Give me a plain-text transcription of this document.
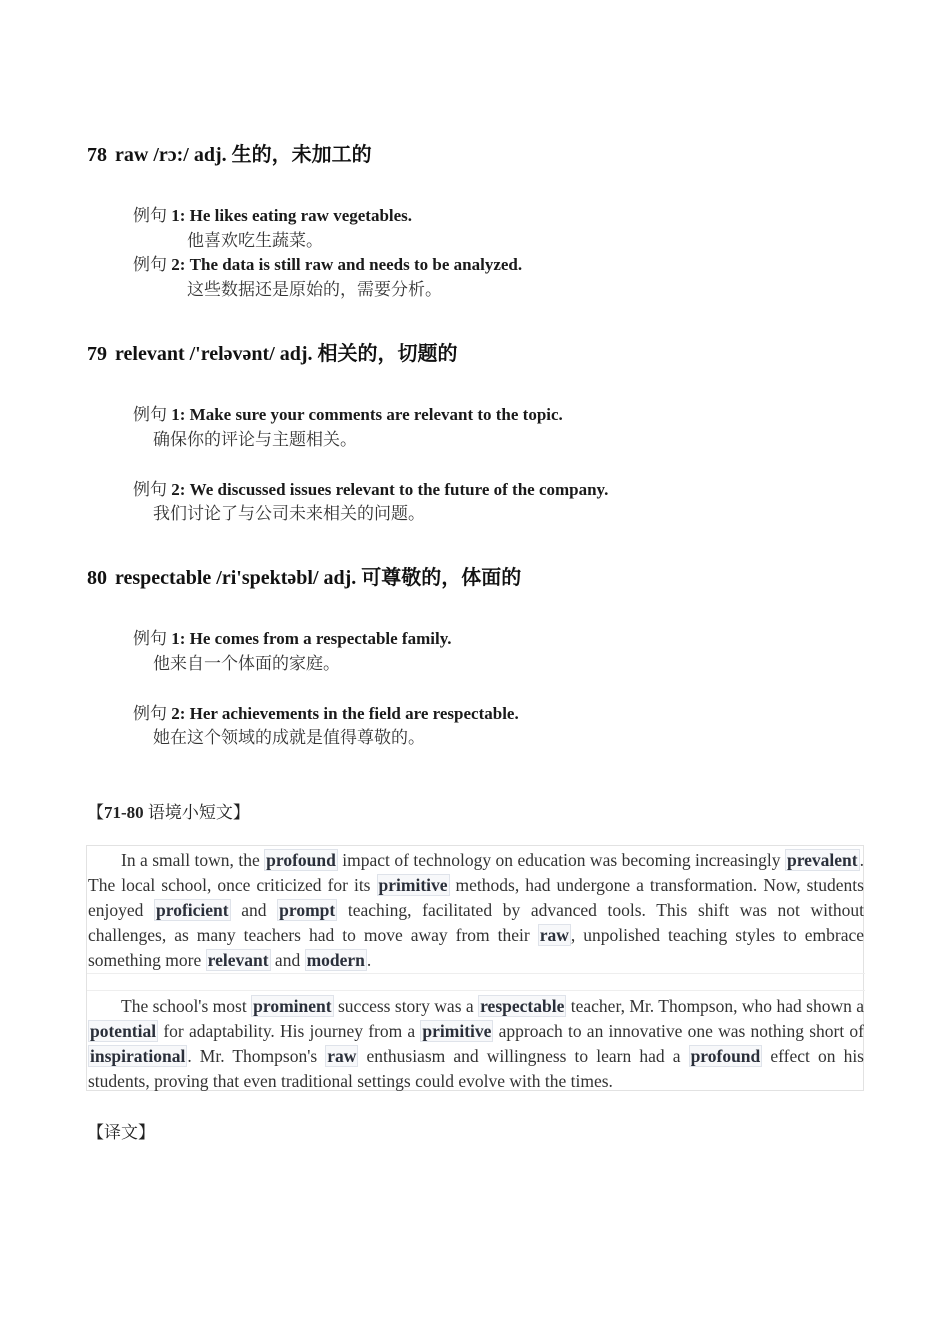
78 raw /rɔ:/ adj. 生的，未加工的
例句 1: He likes eating raw vegetables.
他喜欢吃生蔬菜。
例句 2: The data is still raw and needs to be analyzed.
这些数据还是原始的，需要分析。
79 relevant /'reləvənt/ adj. 相关的，切题的
例句 1: Make sure your comments are relevant to the topic.
确保你的评论与主题相关。
例句 2: We discussed issues relevant to the future of the company.
我们讨论了与公司未来相关的问题。
80 respectable /ri'spektəbl/ adj. 可尊敬的，体面的
例句 1: He comes from a respectable family.
他来自一个体面的家庭。
例句 2: Her achievements in the field are respectable.
她在这个领域的成就是值得尊敬的。
【71-80 语境小短文】
In a small town, the profound impact of technology on education was becoming increasingly prevalent . The local school, once criticized for its primitive methods, had undergone a transformation. Now, students enjoyed proficient and prompt teaching, facilitated by advanced tools. This shift was not without challenges, as many teachers had to move away from their raw , unpolished teaching styles to embrace something more relevant and modern .
The school's most prominent success story was a respectable teacher, Mr. Thompson, who had shown a potential for adaptability. His journey from a primitive approach to an innovative one was nothing short of inspirational . Mr. Thompson's raw enthusiasm and willingness to learn had a profound effect on his students, proving that even traditional settings could evolve with the times.
【译文】
